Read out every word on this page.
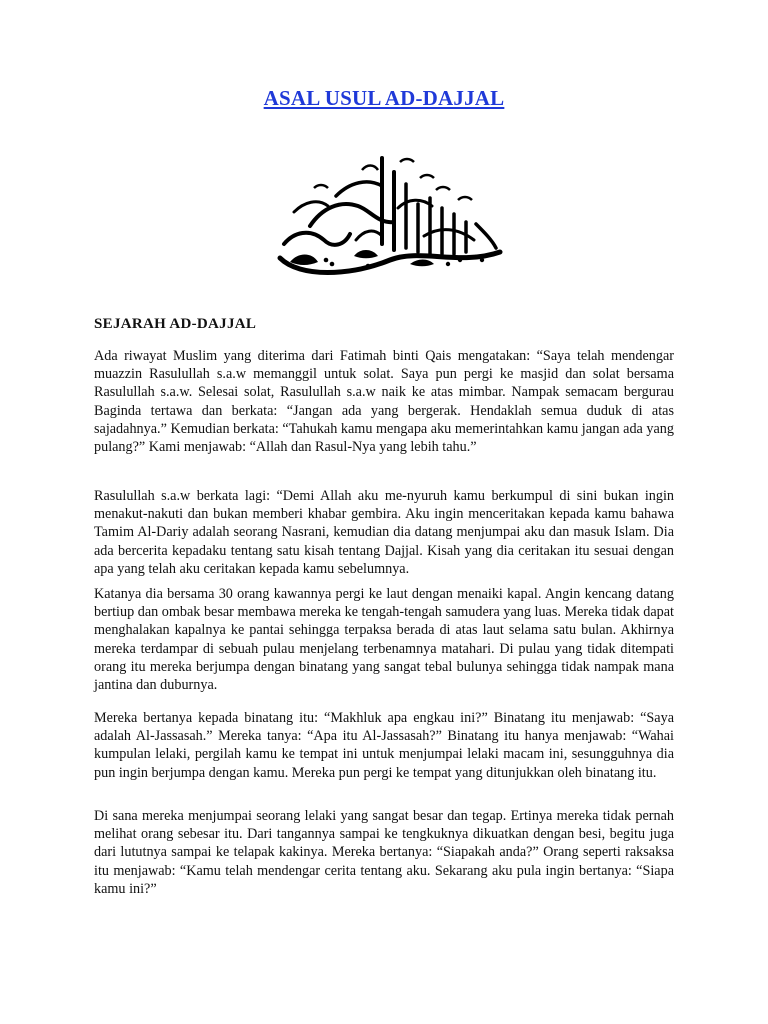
ASAL USUL AD-DAJJAL
SEJARAH AD-DAJJAL

Ada riwayat Muslim yang diterima dari Fatimah binti Qais mengatakan: “Saya telah mendengar muazzin Rasulullah s.a.w memanggil untuk solat. Saya pun pergi ke masjid dan solat bersama Rasulullah s.a.w. Selesai solat, Rasulullah s.a.w naik ke atas mimbar. Nampak semacam bergurau Baginda tertawa dan berkata: “Jangan ada yang bergerak. Hendaklah semua duduk di atas sajadahnya.” Kemudian berkata: “Tahukah kamu mengapa aku memerintahkan kamu jangan ada yang pulang?” Kami menjawab: “Allah dan Rasul-Nya yang lebih tahu.”

Rasulullah s.a.w berkata lagi: “Demi Allah aku me-nyuruh kamu berkumpul di sini bukan ingin menakut-nakuti dan bukan memberi khabar gembira. Aku ingin menceritakan kepada kamu bahawa Tamim Al-Dariy adalah seorang Nasrani, kemudian dia datang menjumpai aku dan masuk Islam. Dia ada bercerita kepadaku tentang satu kisah tentang Dajjal. Kisah yang dia ceritakan itu sesuai dengan apa yang telah aku ceritakan kepada kamu sebelumnya.

Katanya dia bersama 30 orang kawannya pergi ke laut dengan menaiki kapal. Angin kencang datang bertiup dan ombak besar membawa mereka ke tengah-tengah samudera yang luas. Mereka tidak dapat menghalakan kapalnya ke pantai sehingga terpaksa berada di atas laut selama satu bulan. Akhirnya mereka terdampar di sebuah pulau menjelang terbenamnya matahari. Di pulau yang tidak ditempati orang itu mereka berjumpa dengan binatang yang sangat tebal bulunya sehingga tidak nampak mana jantina dan duburnya.

Mereka bertanya kepada binatang itu: “Makhluk apa engkau ini?” Binatang itu menjawab: “Saya adalah Al-Jassasah.” Mereka tanya: “Apa itu Al-Jassasah?” Binatang itu hanya menjawab: “Wahai kumpulan lelaki, pergilah kamu ke tempat ini untuk menjumpai lelaki macam ini, sesungguhnya dia pun ingin berjumpa dengan kamu. Mereka pun pergi ke tempat yang ditunjukkan oleh binatang itu.

Di sana mereka menjumpai seorang lelaki yang sangat besar dan tegap. Ertinya mereka tidak pernah melihat orang sebesar itu. Dari tangannya sampai ke tengkuknya dikuatkan dengan besi, begitu juga dari lututnya sampai ke telapak kakinya. Mereka bertanya: “Siapakah anda?” Orang seperti raksaksa itu menjawab: “Kamu telah mendengar cerita tentang aku. Sekarang aku pula ingin bertanya: “Siapa kamu ini?”
